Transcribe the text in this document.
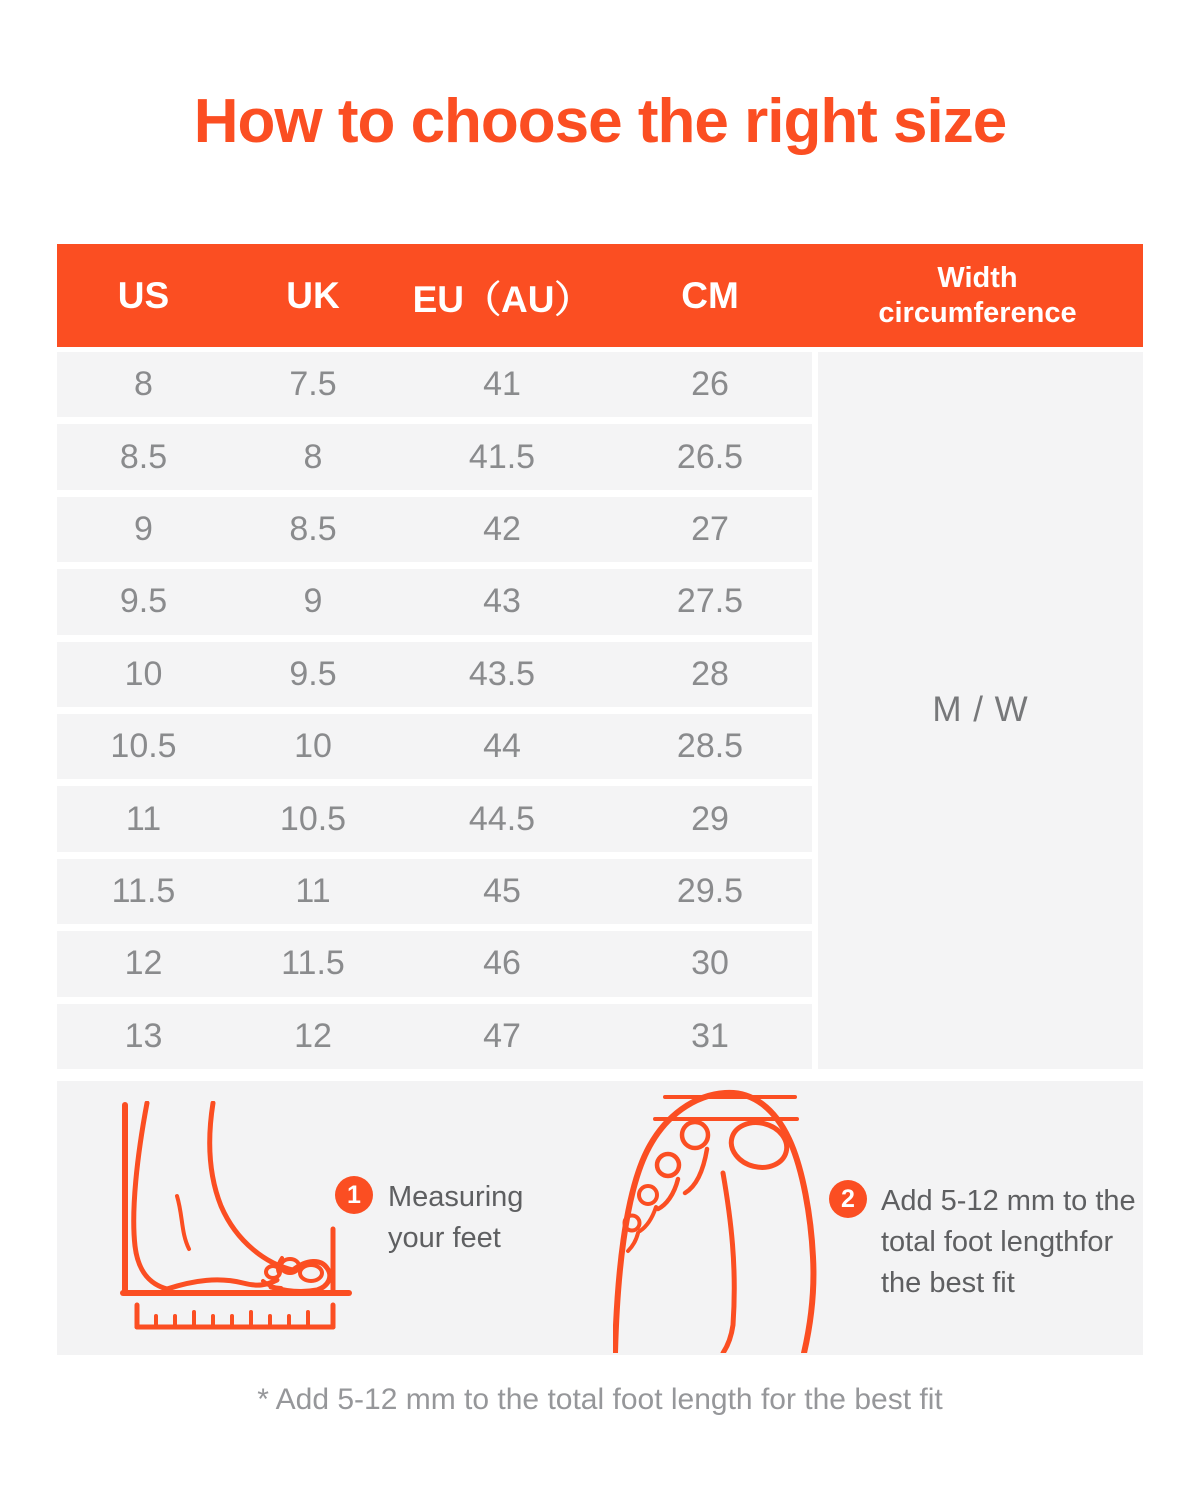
How to choose the right size
US	UK	EU（AU）	CM	Width circumference
8	7.5	41	26
8.5	8	41.5	26.5
9	8.5	42	27
9.5	9	43	27.5
10	9.5	43.5	28
10.5	10	44	28.5
11	10.5	44.5	29
11.5	11	45	29.5
12	11.5	46	30
13	12	47	31
M / W
1 Measuring your feet
2 Add 5-12 mm to the total foot lengthfor the best fit
* Add 5-12 mm to the total foot length for the best fit
